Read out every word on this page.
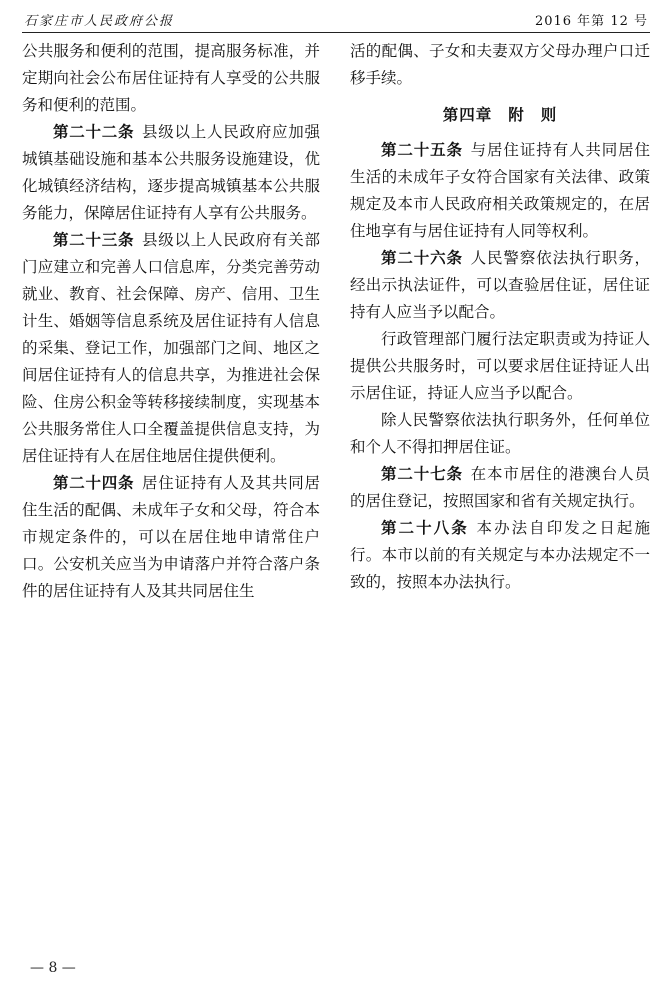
石家庄市人民政府公报	2016 年第 12 号

公共服务和便利的范围，提高服务标准，并定期向社会公布居住证持有人享受的公共服务和便利的范围。

第二十二条 县级以上人民政府应加强城镇基础设施和基本公共服务设施建设，优化城镇经济结构，逐步提高城镇基本公共服务能力，保障居住证持有人享有公共服务。

第二十三条 县级以上人民政府有关部门应建立和完善人口信息库，分类完善劳动就业、教育、社会保障、房产、信用、卫生计生、婚姻等信息系统及居住证持有人信息的采集、登记工作，加强部门之间、地区之间居住证持有人的信息共享，为推进社会保险、住房公积金等转移接续制度，实现基本公共服务常住人口全覆盖提供信息支持，为居住证持有人在居住地居住提供便利。

第二十四条 居住证持有人及其共同居住生活的配偶、未成年子女和父母，符合本市规定条件的，可以在居住地申请常住户口。公安机关应当为申请落户并符合落户条件的居住证持有人及其共同居住生

活的配偶、子女和夫妻双方父母办理户口迁移手续。

第四章 附 则

第二十五条 与居住证持有人共同居住生活的未成年子女符合国家有关法律、政策规定及本市人民政府相关政策规定的，在居住地享有与居住证持有人同等权利。

第二十六条 人民警察依法执行职务，经出示执法证件，可以查验居住证，居住证持有人应当予以配合。

行政管理部门履行法定职责或为持证人提供公共服务时，可以要求居住证持证人出示居住证，持证人应当予以配合。

除人民警察依法执行职务外，任何单位和个人不得扣押居住证。

第二十七条 在本市居住的港澳台人员的居住登记，按照国家和省有关规定执行。

第二十八条 本办法自印发之日起施行。本市以前的有关规定与本办法规定不一致的，按照本办法执行。

— 8 —
